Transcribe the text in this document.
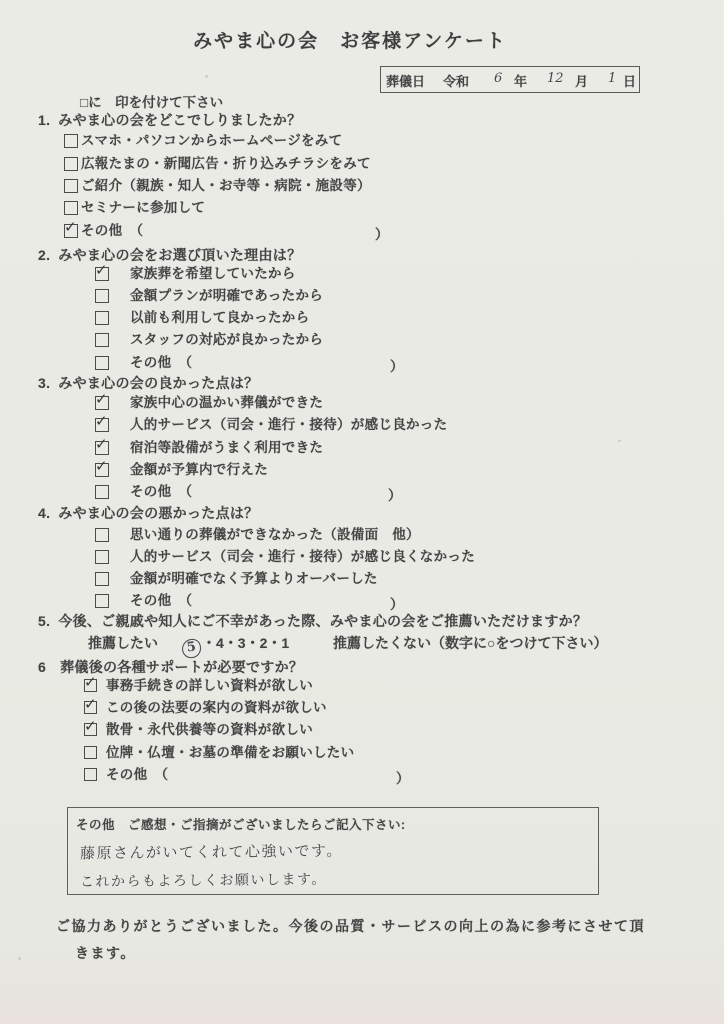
みやま心の会　お客様アンケート
葬儀日 令和 6 年 12 月 1 日
□に　印を付けて下さい
1. みやま心の会をどこでしりましたか？
スマホ・パソコンからホームページをみて
広報たまの・新聞広告・折り込みチラシをみて
ご紹介（親族・知人・お寺等・病院・施設等）
セミナーに参加して
✓ その他　（	）
2. みやま心の会をお選び頂いた理由は？
✓ 家族葬を希望していたから
金額プランが明確であったから
以前も利用して良かったから
スタッフの対応が良かったから
その他　（	）
3. みやま心の会の良かった点は？
✓ 家族中心の温かい葬儀ができた
✓ 人的サービス（司会・進行・接待）が感じ良かった
✓ 宿泊等設備がうまく利用できた
✓ 金額が予算内で行えた
その他　（	）
4. みやま心の会の悪かった点は？
思い通りの葬儀ができなかった（設備面　他）
人的サービス（司会・進行・接待）が感じ良くなかった
金額が明確でなく予算よりオーバーした
その他　（	）
5. 今後、ご親戚や知人にご不幸があった際、みやま心の会をご推薦いただけますか？
推薦したい	5 ・4・3・2・1	推薦したくない（数字に○をつけて下さい）
6 葬儀後の各種サポートが必要ですか？
✓ 事務手続きの詳しい資料が欲しい
✓ この後の法要の案内の資料が欲しい
✓ 散骨・永代供養等の資料が欲しい
位牌・仏壇・お墓の準備をお願いしたい
その他　（	）
その他　ご感想・ご指摘がございましたらご記入下さい:
藤原さんがいてくれて心強いです。
これからもよろしくお願いします。
ご協力ありがとうございました。今後の品質・サービスの向上の為に参考にさせて頂
きます。
